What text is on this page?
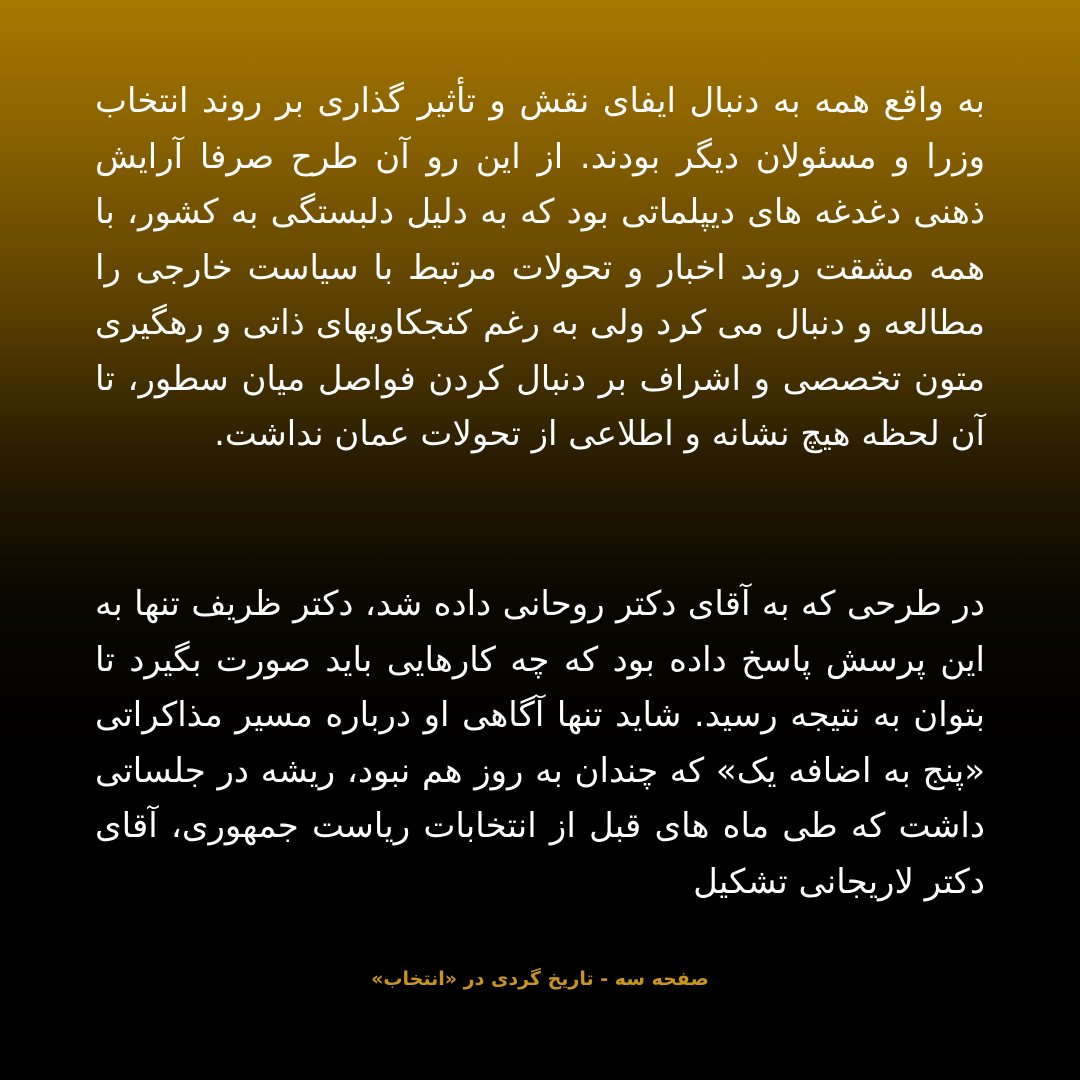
به واقع همه به دنبال ایفای نقش و تأثیر گذاری بر روند انتخاب وزرا و مسئولان دیگر بودند. از این رو آن طرح صرفا آرایش ذهنی دغدغه های دیپلماتی بود که به دلیل دلبستگی به کشور، با همه مشقت روند اخبار و تحولات مرتبط با سیاست خارجی را مطالعه و دنبال می کرد ولی به رغم کنجکاویهای ذاتی و رهگیری متون تخصصی و اشراف بر دنبال کردن فواصل میان سطور، تا آن لحظه هیچ نشانه و اطلاعی از تحولات عمان نداشت.

در طرحی که به آقای دکتر روحانی داده شد، دکتر ظریف تنها به این پرسش پاسخ داده بود که چه کارهایی باید صورت بگیرد تا بتوان به نتیجه رسید. شاید تنها آگاهی او درباره مسیر مذاکراتی «پنج به اضافه یک» که چندان به روز هم نبود، ریشه در جلساتی داشت که طی ماه های قبل از انتخابات ریاست جمهوری، آقای دکتر لاریجانی تشکیل

صفحه سه - تاریخ گردی در «انتخاب»
